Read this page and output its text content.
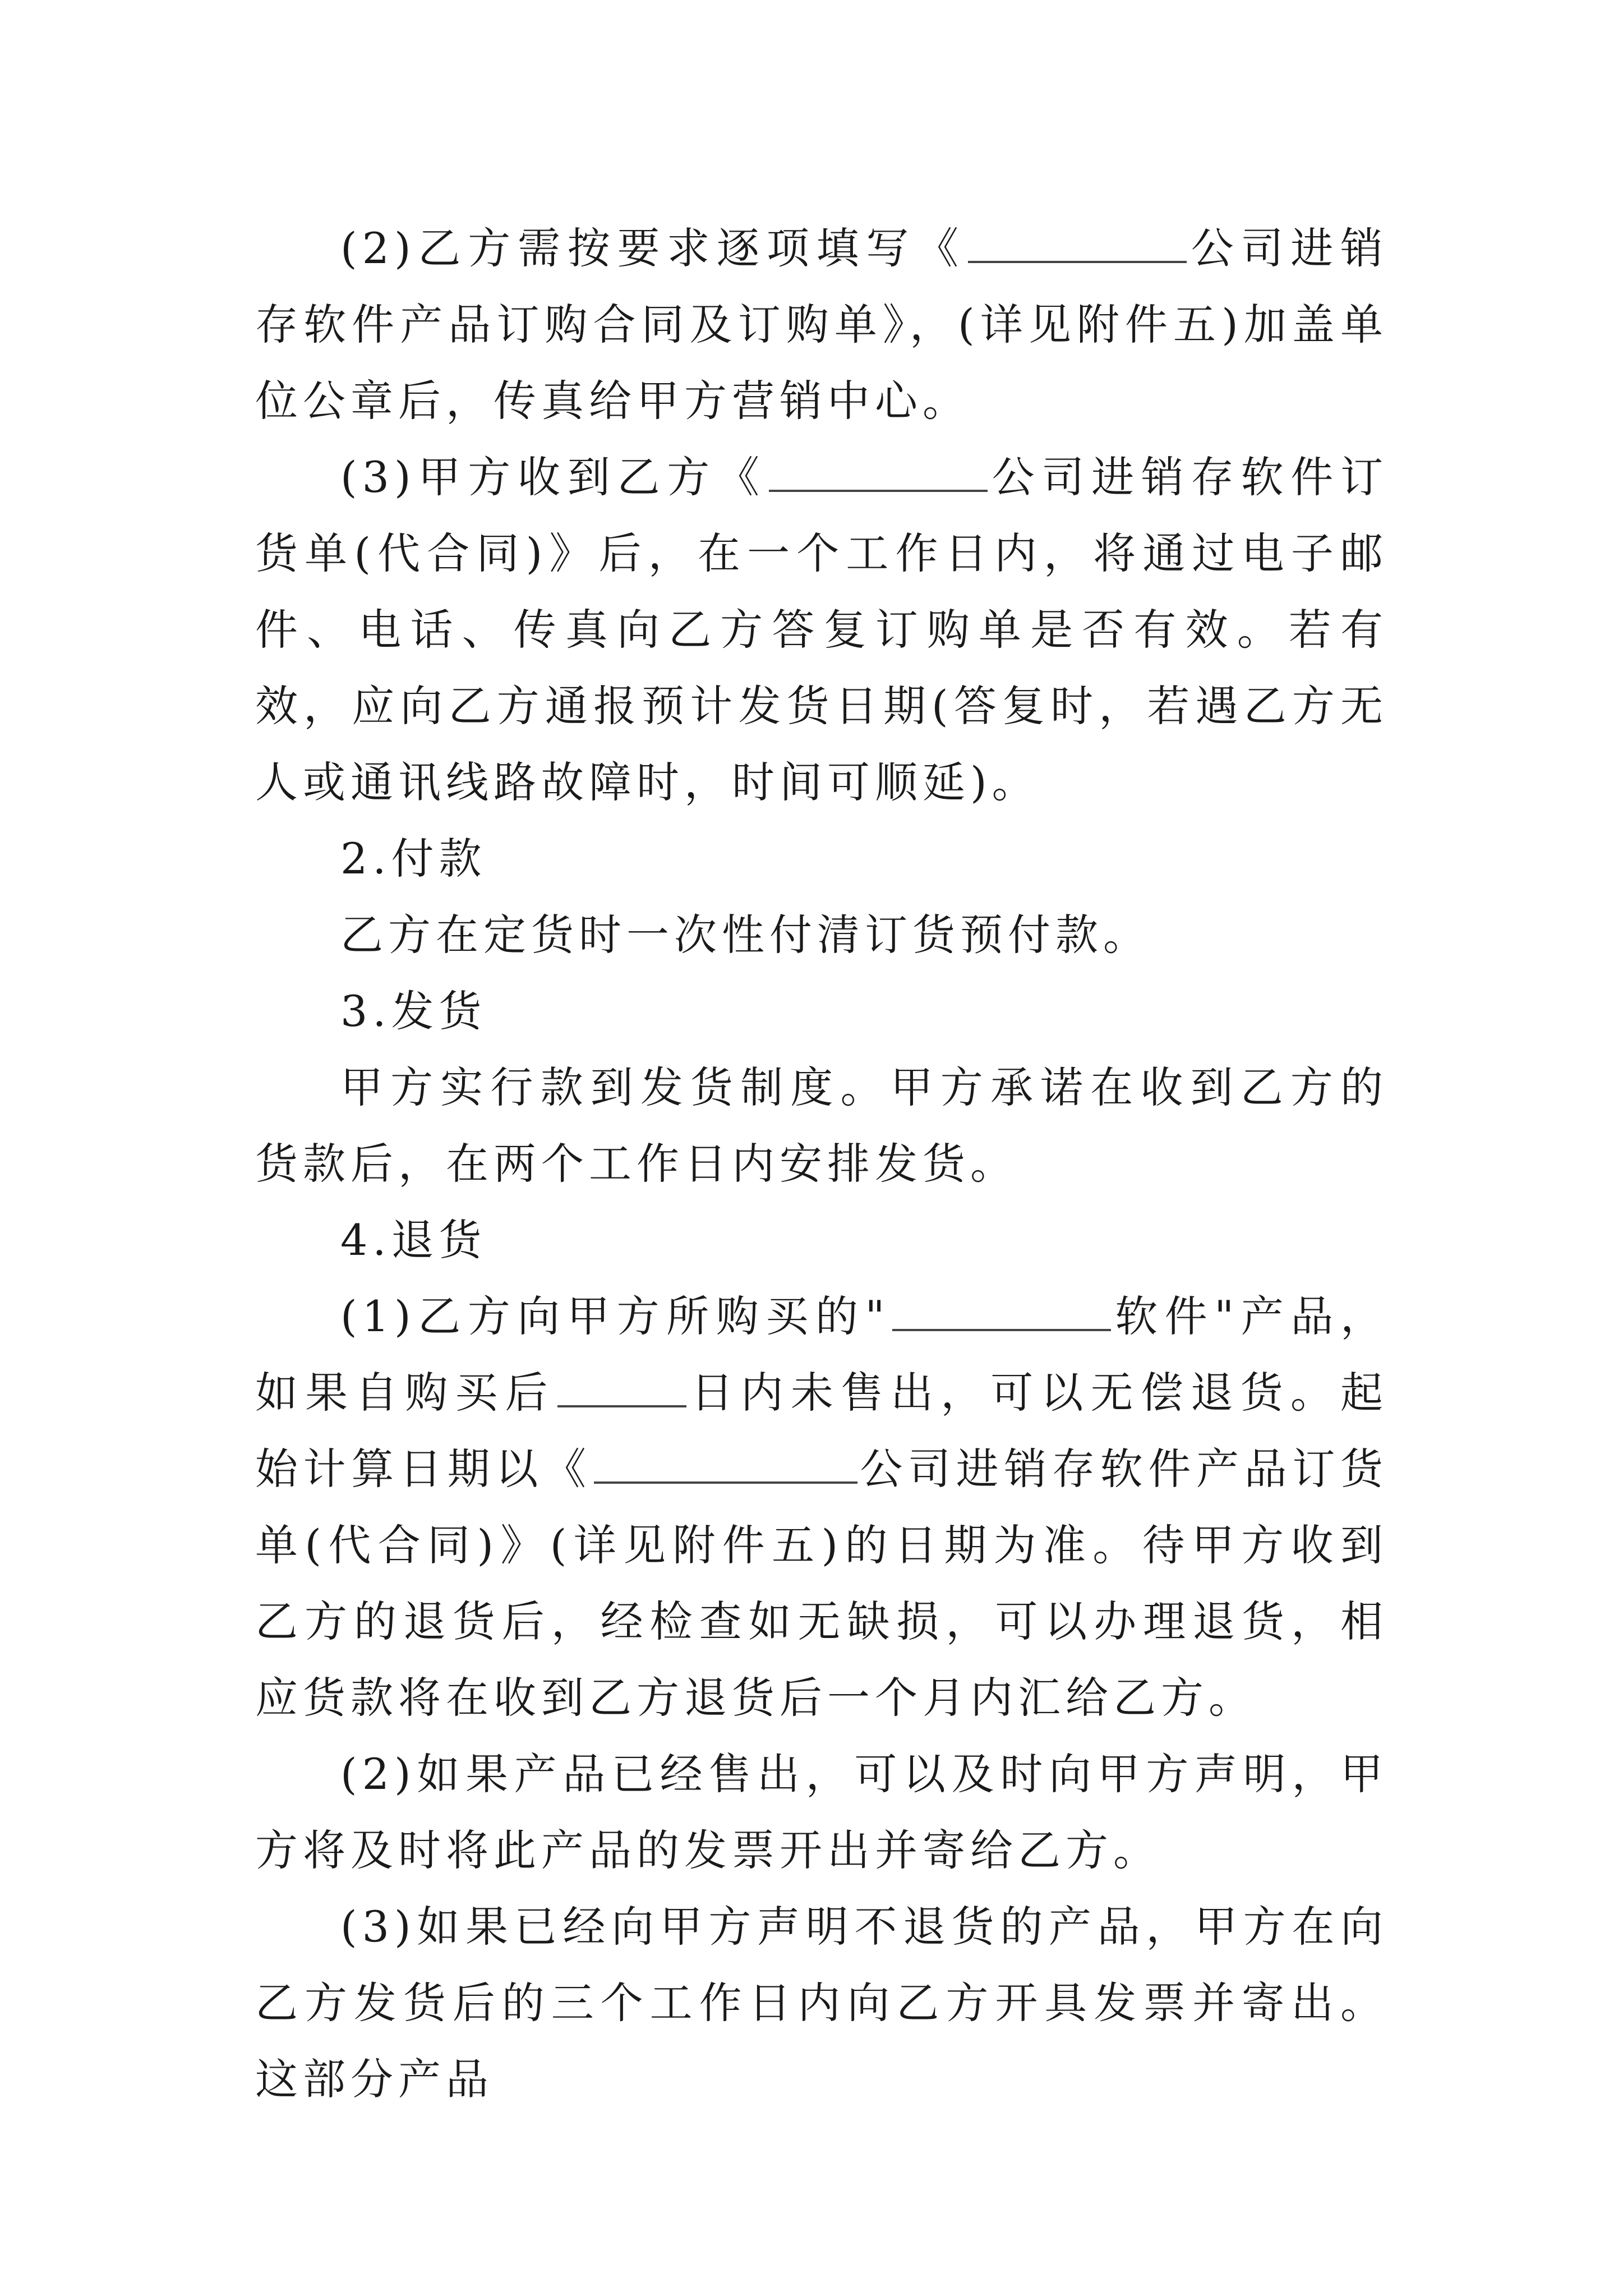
(2)乙方需按要求逐项填写《	公司进销存软件产品订购合同及订购单》，(详见附件五)加盖单位公章后，传真给甲方营销中心。

(3)甲方收到乙方《	公司进销存软件订货单(代合同)》后，在一个工作日内，将通过电子邮件、电话、传真向乙方答复订购单是否有效。若有效，应向乙方通报预计发货日期(答复时，若遇乙方无人或通讯线路故障时，时间可顺延)。

2.付款

乙方在定货时一次性付清订货预付款。

3.发货

甲方实行款到发货制度。甲方承诺在收到乙方的货款后，在两个工作日内安排发货。

4.退货

(1)乙方向甲方所购买的"	软件"产品，如果自购买后	日内未售出，可以无偿退货。起始计算日期以《	公司进销存软件产品订货单(代合同)》(详见附件五)的日期为准。待甲方收到乙方的退货后，经检查如无缺损，可以办理退货，相应货款将在收到乙方退货后一个月内汇给乙方。

(2)如果产品已经售出，可以及时向甲方声明，甲方将及时将此产品的发票开出并寄给乙方。

(3)如果已经向甲方声明不退货的产品，甲方在向乙方发货后的三个工作日内向乙方开具发票并寄出。这部分产品
